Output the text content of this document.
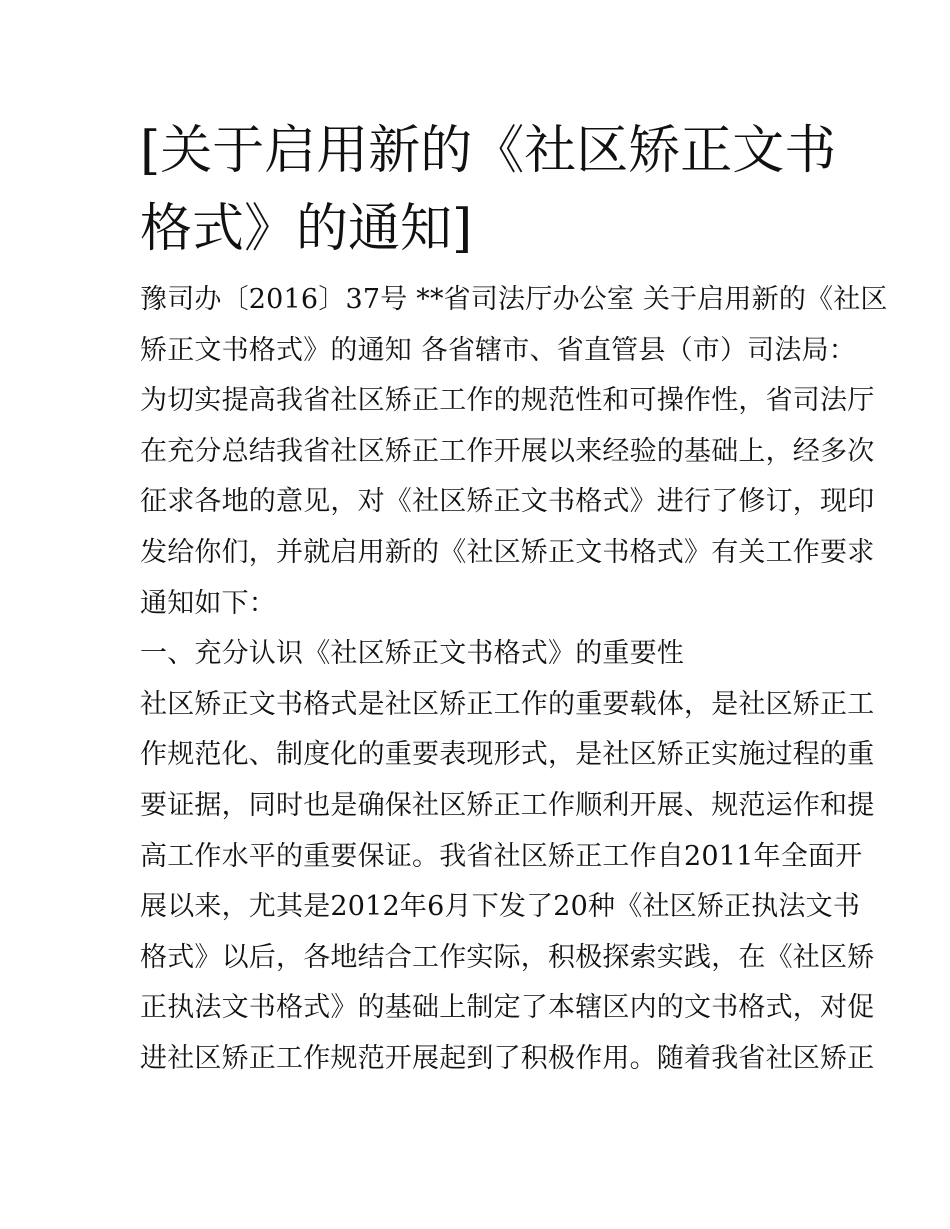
[关于启用新的《社区矫正文书
格式》的通知]
豫司办〔2016〕37号 **省司法厅办公室 关于启用新的《社区
矫正文书格式》的通知 各省辖市、省直管县（市）司法局：
为切实提高我省社区矫正工作的规范性和可操作性，省司法厅
在充分总结我省社区矫正工作开展以来经验的基础上，经多次
征求各地的意见，对《社区矫正文书格式》进行了修订，现印
发给你们，并就启用新的《社区矫正文书格式》有关工作要求
通知如下：
一、充分认识《社区矫正文书格式》的重要性
社区矫正文书格式是社区矫正工作的重要载体，是社区矫正工
作规范化、制度化的重要表现形式，是社区矫正实施过程的重
要证据，同时也是确保社区矫正工作顺利开展、规范运作和提
高工作水平的重要保证。我省社区矫正工作自2011年全面开
展以来，尤其是2012年6月下发了20种《社区矫正执法文书
格式》以后，各地结合工作实际，积极探索实践，在《社区矫
正执法文书格式》的基础上制定了本辖区内的文书格式，对促
进社区矫正工作规范开展起到了积极作用。随着我省社区矫正
